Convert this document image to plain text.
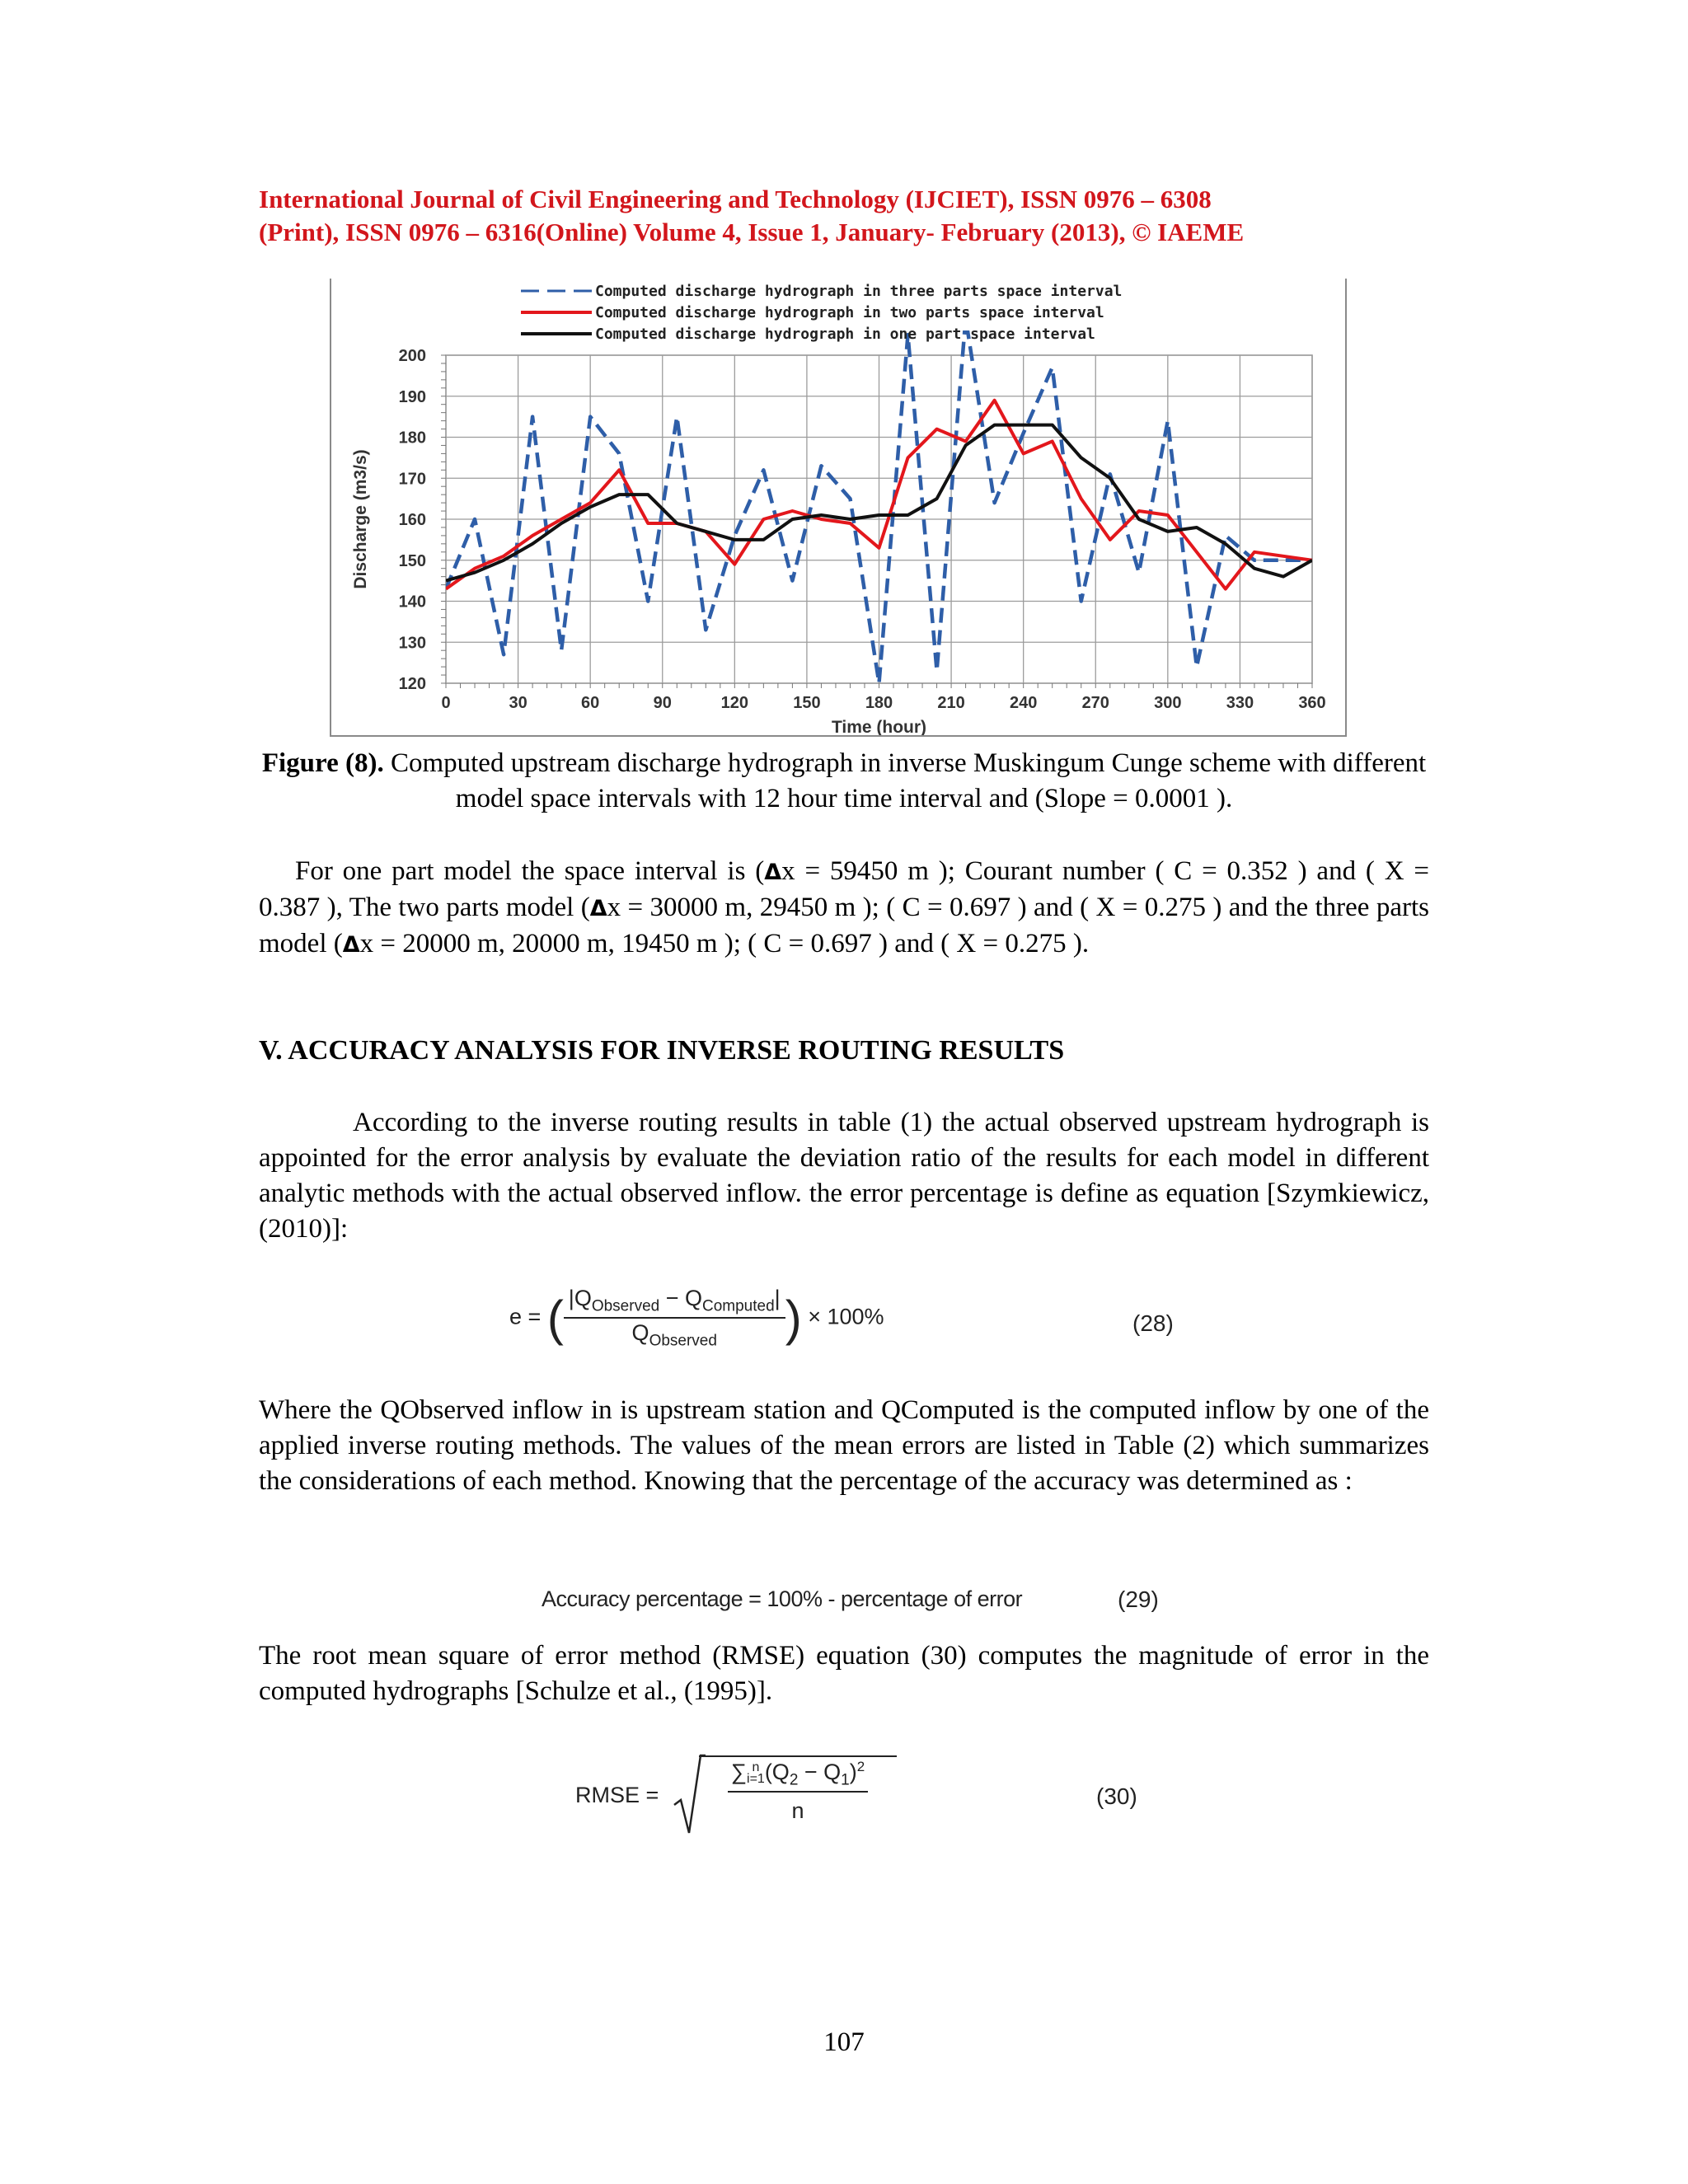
International Journal of Civil Engineering and Technology (IJCIET), ISSN 0976 – 6308
(Print), ISSN 0976 – 6316(Online) Volume 4, Issue 1, January- February (2013), © IAEME
0	30	60	90	120	150	180	210	240	270	300	330	360
120
130
140
150
160
170
180
190
200
Time (hour)
Discharge (m3/s)
Computed discharge hydrograph in three parts space interval
Computed discharge hydrograph in two parts space interval
Computed discharge hydrograph in one part space interval
Figure (8). Computed upstream discharge hydrograph in inverse Muskingum Cunge scheme with different model space intervals with 12 hour time interval and (Slope = 0.0001 ).
For one part model the space interval is (Δx = 59450 m ); Courant number ( C = 0.352 ) and ( X = 0.387 ), The two parts model (Δx = 30000 m, 29450 m ); ( C = 0.697 ) and ( X = 0.275 ) and the three parts model (Δx = 20000 m, 20000 m, 19450 m ); ( C = 0.697 ) and ( X = 0.275 ).
V. ACCURACY ANALYSIS FOR INVERSE ROUTING RESULTS
According to the inverse routing results in table (1) the actual observed upstream hydrograph is appointed for the error analysis by evaluate the deviation ratio of the results for each model in different analytic methods with the actual observed inflow. the error percentage is define as equation [Szymkiewicz, (2010)]:
e = ( $\frac{|Q_{Observed} - Q_{Computed}|}{Q_{Observed}}$ ) × 100%	(28)
Where the QObserved inflow in is upstream station and QComputed is the computed inflow by one of the applied inverse routing methods. The values of the mean errors are listed in Table (2) which summarizes the considerations of each method. Knowing that the percentage of the accuracy was determined as :
Accuracy percentage = 100% - percentage of error	(29)
The root mean square of error method (RMSE) equation (30) computes the magnitude of error in the computed hydrographs [Schulze et al., (1995)].
RMSE =
∑ n
i=1 $(Q_2 - Q_1)^2$
n
(30)
107
